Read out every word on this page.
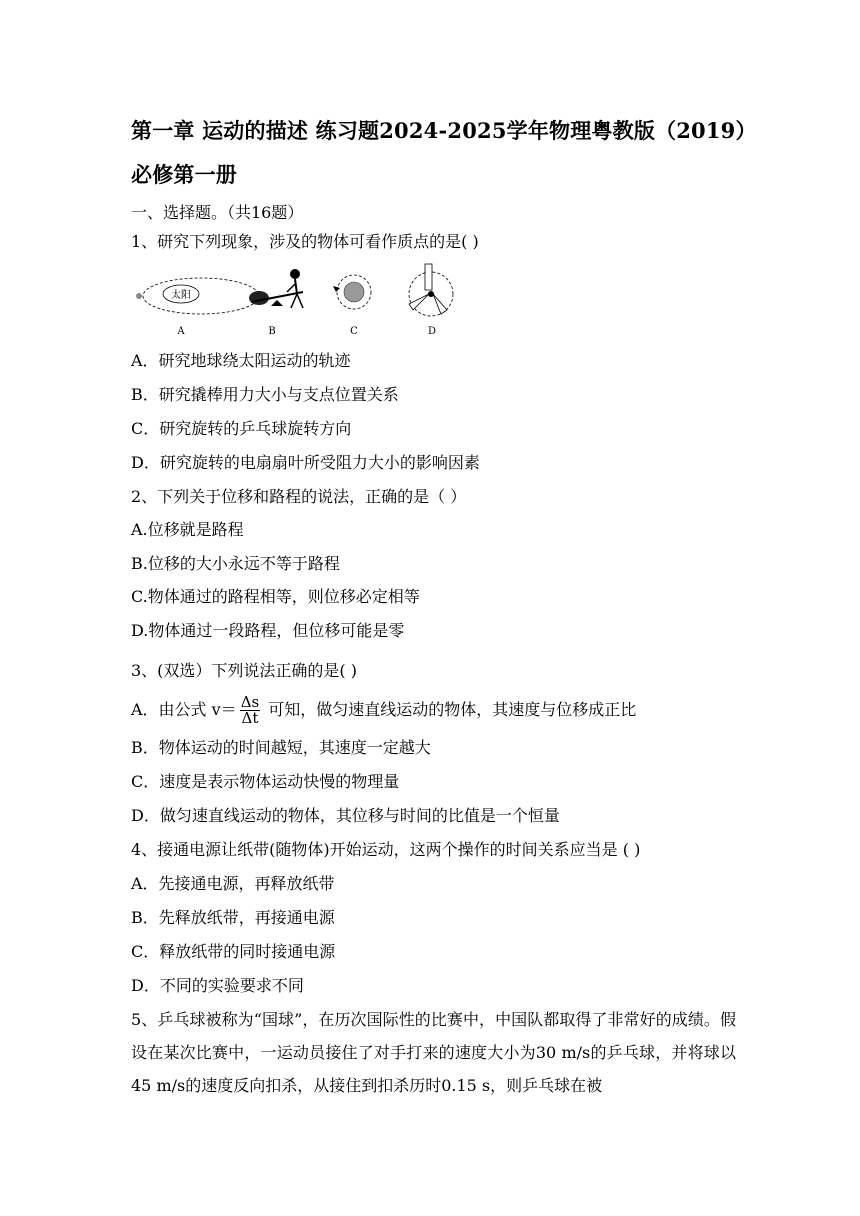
第一章 运动的描述 练习题2024-2025学年物理粤教版（2019）
必修第一册
一、选择题。（共16题）
1、研究下列现象，涉及的物体可看作质点的是( )
太阳
A	B	C	D
A．研究地球绕太阳运动的轨迹
B．研究撬棒用力大小与支点位置关系
C．研究旋转的乒乓球旋转方向
D．研究旋转的电扇扇叶所受阻力大小的影响因素
2、下列关于位移和路程的说法，正确的是（ ）
A.位移就是路程
B.位移的大小永远不等于路程
C.物体通过的路程相等，则位移必定相等
D.物体通过一段路程，但位移可能是零
3、(双选）下列说法正确的是( )
A．由公式 $v= \frac{\Delta s}{\Delta t}$ 可知，做匀速直线运动的物体，其速度与位移成正比
B．物体运动的时间越短，其速度一定越大
C．速度是表示物体运动快慢的物理量
D．做匀速直线运动的物体，其位移与时间的比值是一个恒量
4、接通电源让纸带(随物体)开始运动，这两个操作的时间关系应当是 ( )
A．先接通电源，再释放纸带
B．先释放纸带，再接通电源
C．释放纸带的同时接通电源
D．不同的实验要求不同
5、乒乓球被称为“国球”，在历次国际性的比赛中，中国队都取得了非常好的成绩。假设在某次比赛中，一运动员接住了对手打来的速度大小为30 m/s的乒乓球，并将球以45 m/s的速度反向扣杀，从接住到扣杀历时0.15 s，则乒乓球在被
